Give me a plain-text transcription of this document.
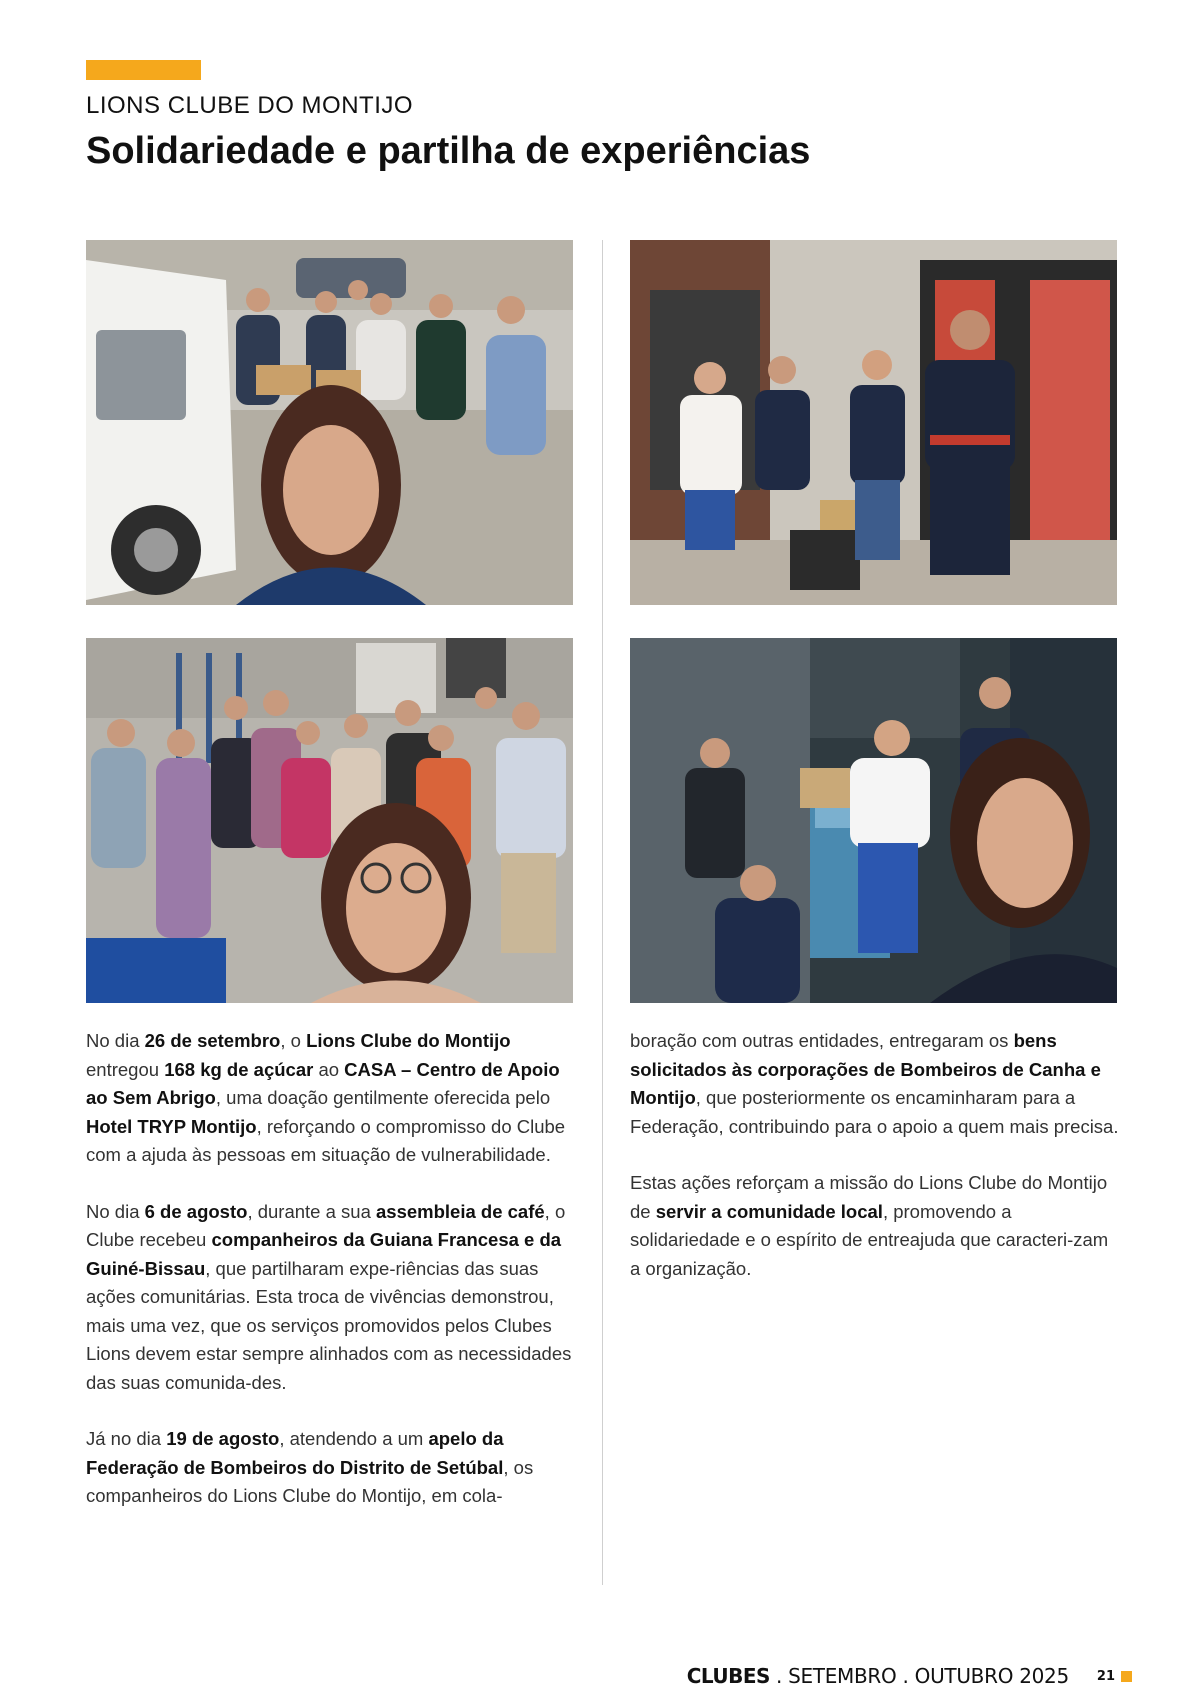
LIONS CLUBE DO MONTIJO
Solidariedade e partilha de experiências

No dia 26 de setembro, o Lions Clube do Montijo entregou 168 kg de açúcar ao CASA – Centro de Apoio ao Sem Abrigo, uma doação gentilmente oferecida pelo Hotel TRYP Montijo, reforçando o compromisso do Clube com a ajuda às pessoas em situação de vulnerabilidade.

No dia 6 de agosto, durante a sua assembleia de café, o Clube recebeu companheiros da Guiana Francesa e da Guiné-Bissau, que partilharam expe-riências das suas ações comunitárias. Esta troca de vivências demonstrou, mais uma vez, que os serviços promovidos pelos Clubes Lions devem estar sempre alinhados com as necessidades das suas comunida-des.

Já no dia 19 de agosto, atendendo a um apelo da Federação de Bombeiros do Distrito de Setúbal, os companheiros do Lions Clube do Montijo, em cola-

boração com outras entidades, entregaram os bens solicitados às corporações de Bombeiros de Canha e Montijo, que posteriormente os encaminharam para a Federação, contribuindo para o apoio a quem mais precisa.

Estas ações reforçam a missão do Lions Clube do Montijo de servir a comunidade local, promovendo a solidariedade e o espírito de entreajuda que caracteri-zam a organização.

CLUBES . SETEMBRO . OUTUBRO 2025 21
